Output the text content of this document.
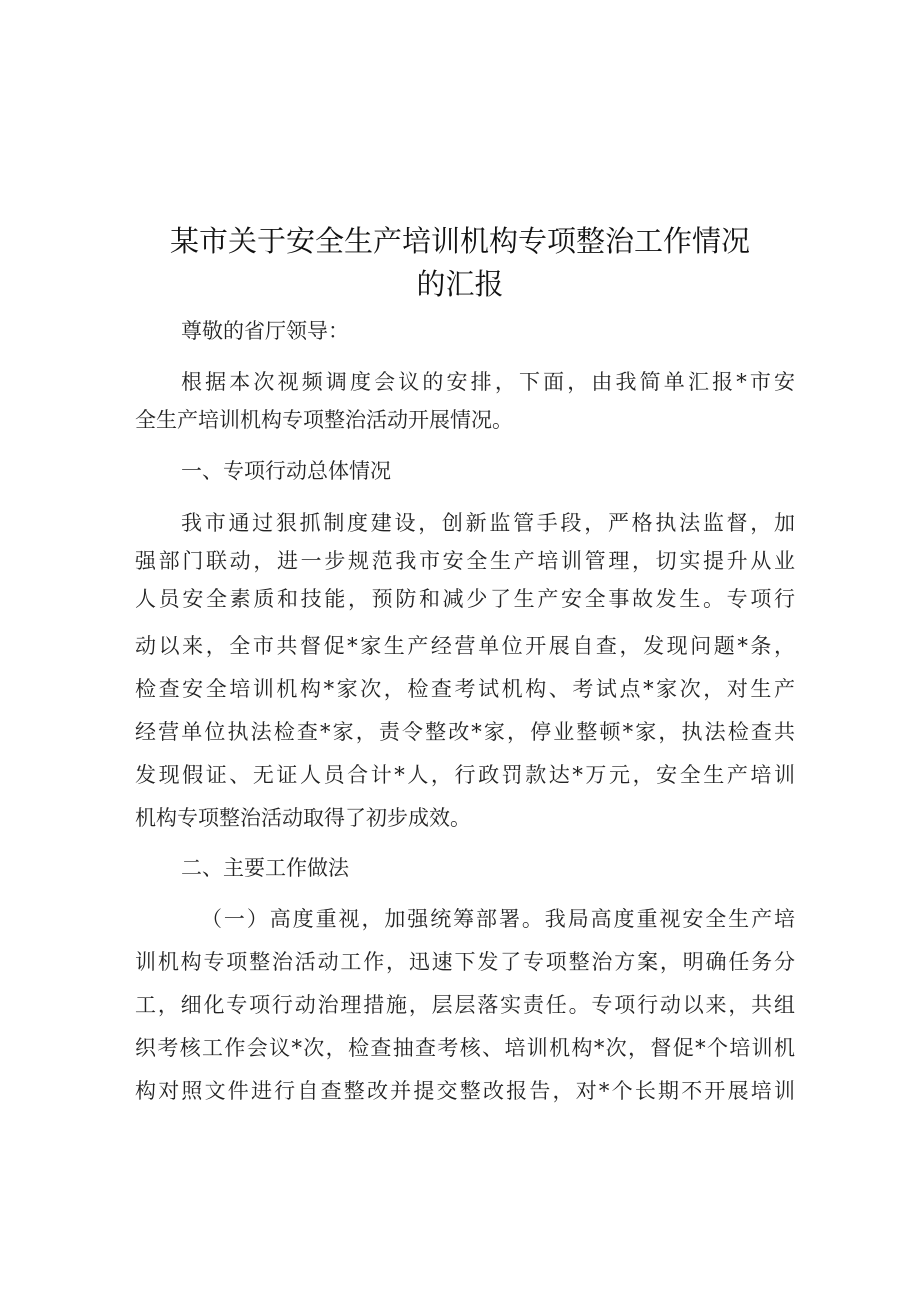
某市关于安全生产培训机构专项整治工作情况
的汇报
尊敬的省厅领导：
根据本次视频调度会议的安排，下面，由我简单汇报*市安
全生产培训机构专项整治活动开展情况。
一、专项行动总体情况
我市通过狠抓制度建设，创新监管手段，严格执法监督，加
强部门联动，进一步规范我市安全生产培训管理，切实提升从业
人员安全素质和技能，预防和减少了生产安全事故发生。专项行
动以来，全市共督促*家生产经营单位开展自查，发现问题*条，
检查安全培训机构*家次，检查考试机构、考试点*家次，对生产
经营单位执法检查*家，责令整改*家，停业整顿*家，执法检查共
发现假证、无证人员合计*人，行政罚款达*万元，安全生产培训
机构专项整治活动取得了初步成效。
二、主要工作做法
（一）高度重视，加强统筹部署。我局高度重视安全生产培
训机构专项整治活动工作，迅速下发了专项整治方案，明确任务分
工，细化专项行动治理措施，层层落实责任。专项行动以来，共组
织考核工作会议*次，检查抽查考核、培训机构*次，督促*个培训机
构对照文件进行自查整改并提交整改报告，对*个长期不开展培训
